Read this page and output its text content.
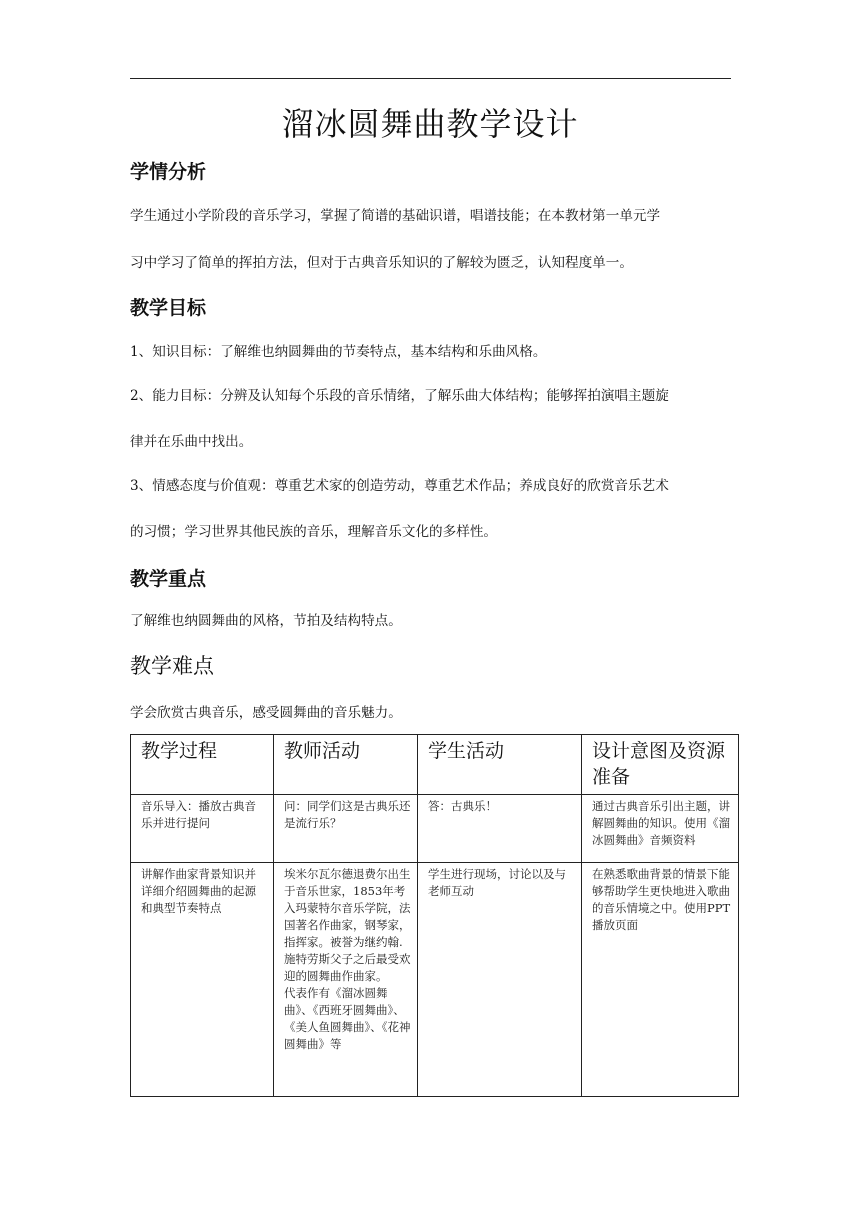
溜冰圆舞曲教学设计
学情分析
学生通过小学阶段的音乐学习，掌握了简谱的基础识谱，唱谱技能；在本教材第一单元学
习中学习了简单的挥拍方法，但对于古典音乐知识的了解较为匮乏，认知程度单一。
教学目标
1、知识目标：了解维也纳圆舞曲的节奏特点，基本结构和乐曲风格。
2、能力目标：分辨及认知每个乐段的音乐情绪，了解乐曲大体结构；能够挥拍演唱主题旋
律并在乐曲中找出。
3、情感态度与价值观：尊重艺术家的创造劳动，尊重艺术作品；养成良好的欣赏音乐艺术
的习惯；学习世界其他民族的音乐，理解音乐文化的多样性。
教学重点
了解维也纳圆舞曲的风格，节拍及结构特点。
教学难点
学会欣赏古典音乐，感受圆舞曲的音乐魅力。
教学过程	教师活动	学生活动	设计意图及资源准备
音乐导入：播放古典音乐并进行提问	问：同学们这是古典乐还是流行乐？	答：古典乐！	通过古典音乐引出主题，讲解圆舞曲的知识。使用《溜冰圆舞曲》音频资料
讲解作曲家背景知识并详细介绍圆舞曲的起源和典型节奏特点	埃米尔瓦尔德退费尔出生于音乐世家，1853年考入玛蒙特尔音乐学院，法国著名作曲家，钢琴家，指挥家。被誉为继约翰.施特劳斯父子之后最受欢迎的圆舞曲作曲家。
代表作有《溜冰圆舞曲》、《西班牙圆舞曲》、《美人鱼圆舞曲》、《花神圆舞曲》等	学生进行现场，讨论以及与老师互动	在熟悉歌曲背景的情景下能够帮助学生更快地进入歌曲的音乐情境之中。使用PPT播放页面
